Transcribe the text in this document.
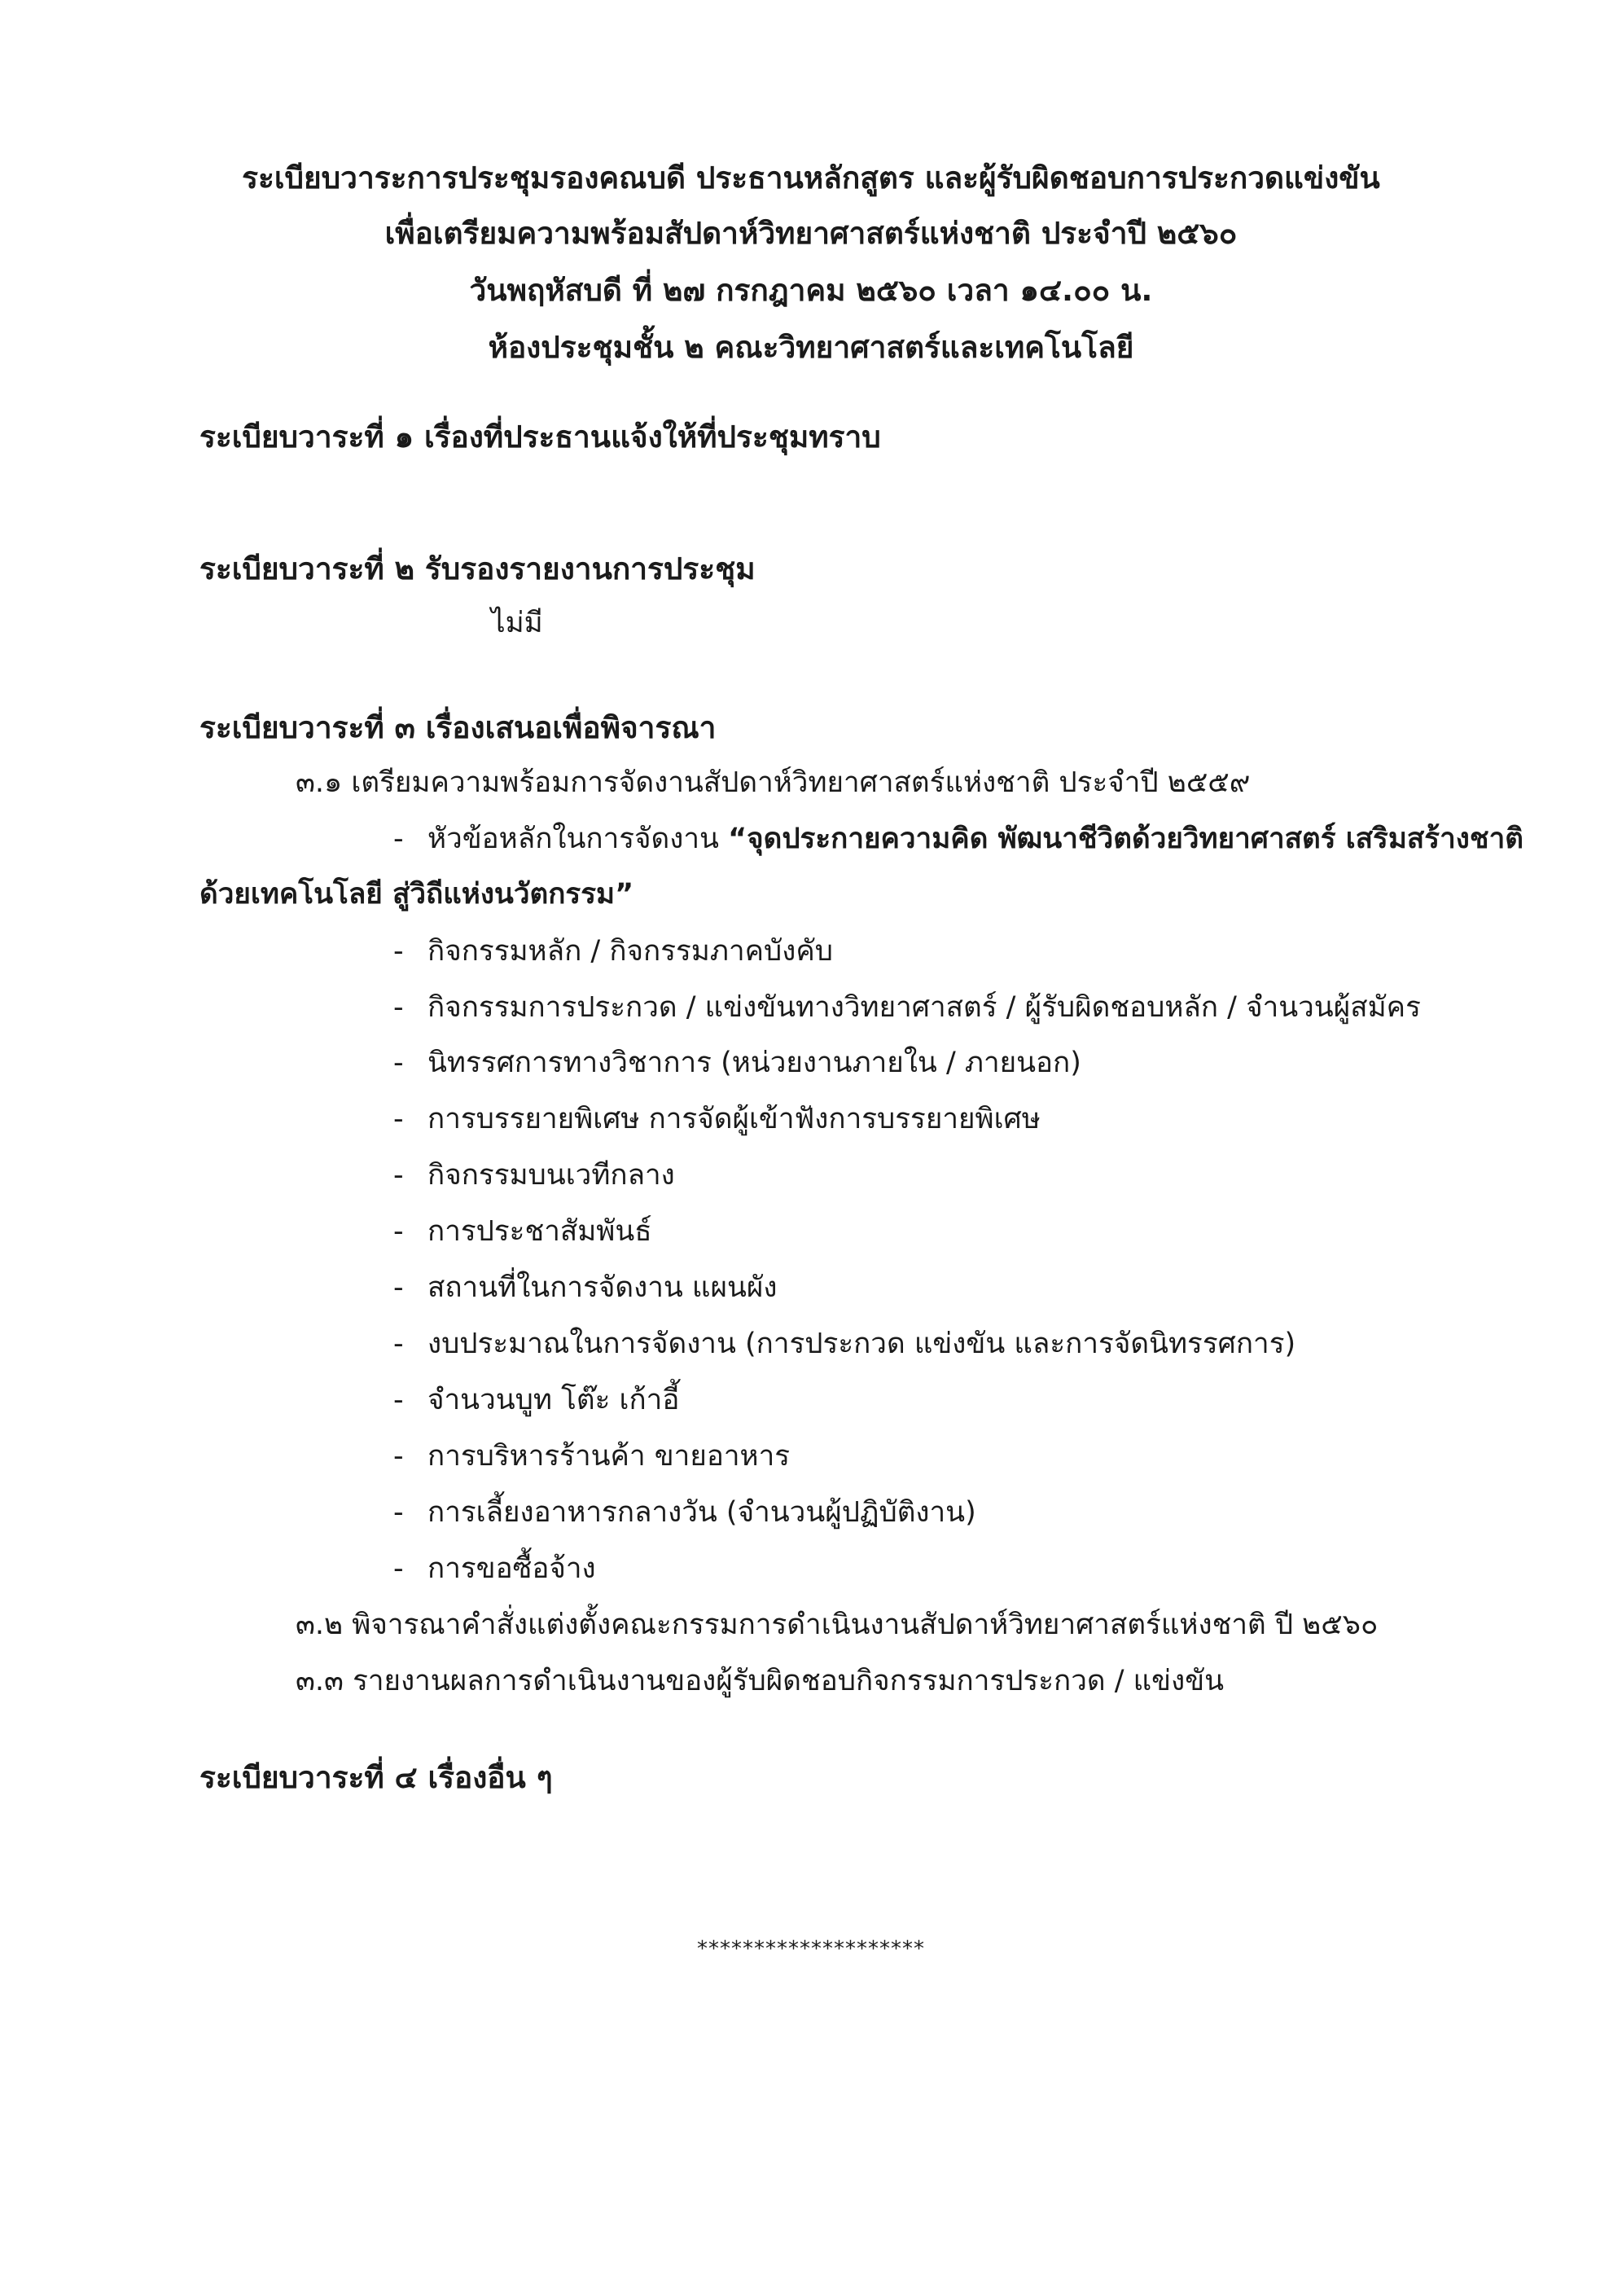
ระเบียบวาระการประชุมรองคณบดี ประธานหลักสูตร และผู้รับผิดชอบการประกวดแข่งขัน
เพื่อเตรียมความพร้อมสัปดาห์วิทยาศาสตร์แห่งชาติ ประจำปี ๒๕๖๐
วันพฤหัสบดี ที่ ๒๗ กรกฎาคม ๒๕๖๐ เวลา ๑๔.๐๐ น.
ห้องประชุมชั้น ๒ คณะวิทยาศาสตร์และเทคโนโลยี
ระเบียบวาระที่ ๑ เรื่องที่ประธานแจ้งให้ที่ประชุมทราบ
ระเบียบวาระที่ ๒ รับรองรายงานการประชุม
ไม่มี
ระเบียบวาระที่ ๓ เรื่องเสนอเพื่อพิจารณา
๓.๑ เตรียมความพร้อมการจัดงานสัปดาห์วิทยาศาสตร์แห่งชาติ ประจำปี ๒๕๕๙
- หัวข้อหลักในการจัดงาน “จุดประกายความคิด พัฒนาชีวิตด้วยวิทยาศาสตร์ เสริมสร้างชาติ
ด้วยเทคโนโลยี สู่วิถีแห่งนวัตกรรม”
- กิจกรรมหลัก / กิจกรรมภาคบังคับ
- กิจกรรมการประกวด / แข่งขันทางวิทยาศาสตร์ / ผู้รับผิดชอบหลัก / จำนวนผู้สมัคร
- นิทรรศการทางวิชาการ (หน่วยงานภายใน / ภายนอก)
- การบรรยายพิเศษ การจัดผู้เข้าฟังการบรรยายพิเศษ
- กิจกรรมบนเวทีกลาง
- การประชาสัมพันธ์
- สถานที่ในการจัดงาน แผนผัง
- งบประมาณในการจัดงาน (การประกวด แข่งขัน และการจัดนิทรรศการ)
- จำนวนบูท โต๊ะ เก้าอี้
- การบริหารร้านค้า ขายอาหาร
- การเลี้ยงอาหารกลางวัน (จำนวนผู้ปฏิบัติงาน)
- การขอซื้อจ้าง
๓.๒ พิจารณาคำสั่งแต่งตั้งคณะกรรมการดำเนินงานสัปดาห์วิทยาศาสตร์แห่งชาติ ปี ๒๕๖๐
๓.๓ รายงานผลการดำเนินงานของผู้รับผิดชอบกิจกรรมการประกวด / แข่งขัน
ระเบียบวาระที่ ๔ เรื่องอื่น ๆ
********************
